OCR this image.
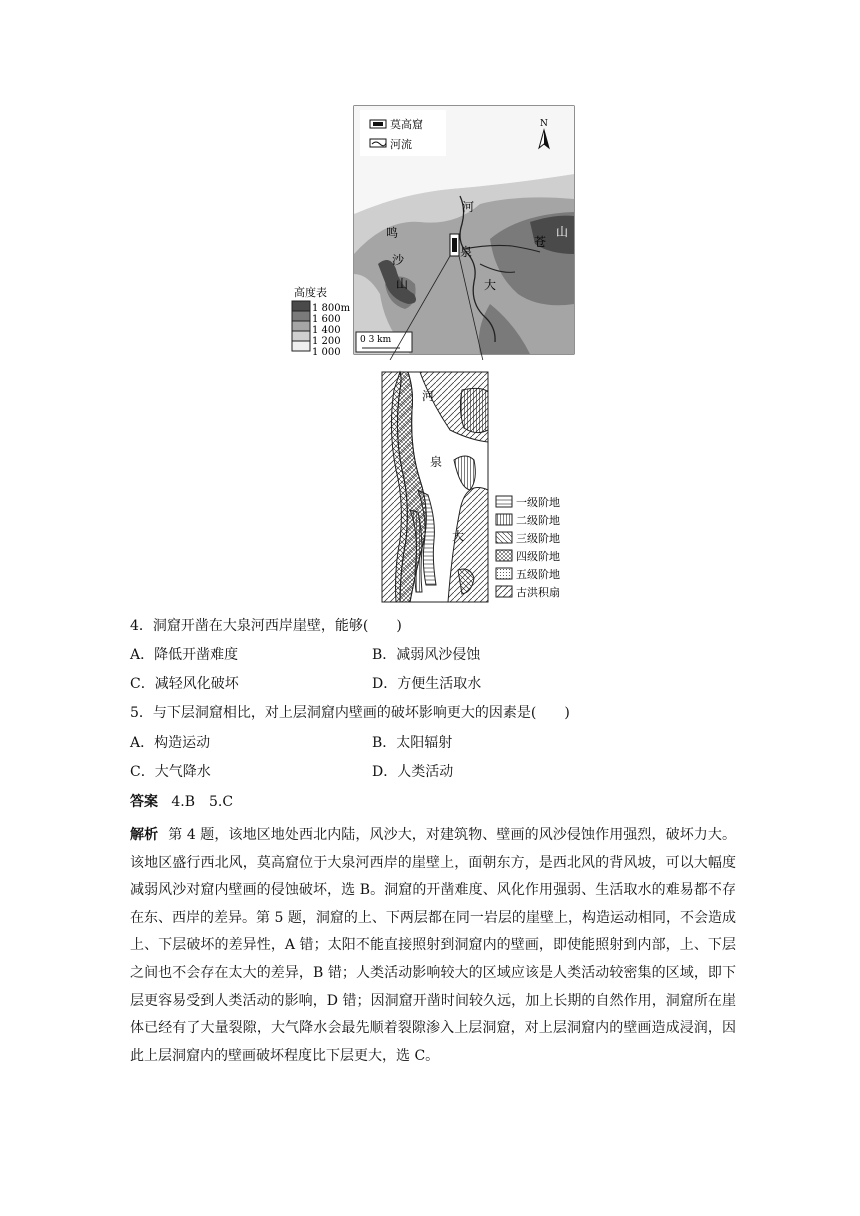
0 3 km
莫高窟
河流
N
河
泉
大
鸣
沙
山
苍
山
高度表
1 800m
1 600
1 400
1 200
1 000
河
泉
大
一级阶地
二级阶地
三级阶地
四级阶地
五级阶地
古洪积扇
4．洞窟开凿在大泉河西岸崖壁，能够(　　)
A．降低开凿难度	B．减弱风沙侵蚀
C．减轻风化破坏	D．方便生活取水
5．与下层洞窟相比，对上层洞窟内壁画的破坏影响更大的因素是(　　)
A．构造运动	B．太阳辐射
C．大气降水	D．人类活动
答案 4.B　5.C
解析 第 4 题，该地区地处西北内陆，风沙大，对建筑物、壁画的风沙侵蚀作用强烈，破坏力大。该地区盛行西北风，莫高窟位于大泉河西岸的崖壁上，面朝东方，是西北风的背风坡，可以大幅度减弱风沙对窟内壁画的侵蚀破坏，选 B。洞窟的开凿难度、风化作用强弱、生活取水的难易都不存在东、西岸的差异。第 5 题，洞窟的上、下两层都在同一岩层的崖壁上，构造运动相同，不会造成上、下层破坏的差异性，A 错；太阳不能直接照射到洞窟内的壁画，即使能照射到内部，上、下层之间也不会存在太大的差异，B 错；人类活动影响较大的区域应该是人类活动较密集的区域，即下层更容易受到人类活动的影响，D 错；因洞窟开凿时间较久远，加上长期的自然作用，洞窟所在崖体已经有了大量裂隙，大气降水会最先顺着裂隙渗入上层洞窟，对上层洞窟内的壁画造成浸润，因此上层洞窟内的壁画破坏程度比下层更大，选 C。
